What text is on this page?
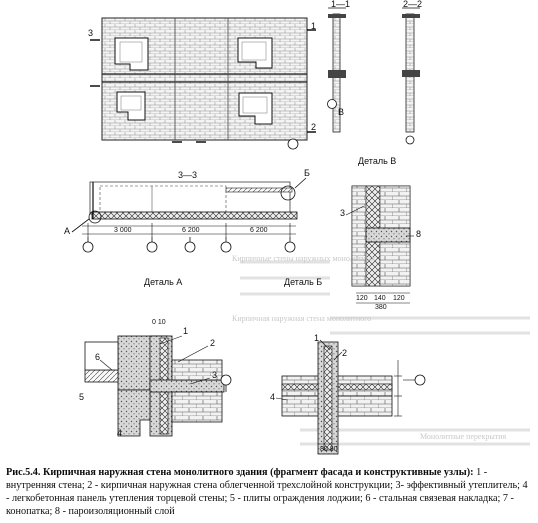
1—1	2—2
3
1
2
В
Деталь В
3—3	Б
А	3 000	6 200	6 200
Деталь А	Деталь Б
120 140 120
380
3
8
0 10
1
2
3
6
5
4
1
2
4
80 80
Кирпичная наружная стена монолитного
Кирпичные стены наружных монолитных
Монолитные перекрытия
Рис.5.4. Кирпичная наружная стена монолитного здания (фрагмент фасада и конструктивные узлы): 1 - внутренняя стена; 2 - кирпичная наружная стена облегченной трехслойной конструкции; 3- эффективный утеплитель; 4 - легкобетонная панель утепления торцевой стены; 5 - плиты ограждения лоджии; 6 - стальная связевая накладка; 7 - конопатка; 8 - пароизоляционный слой
